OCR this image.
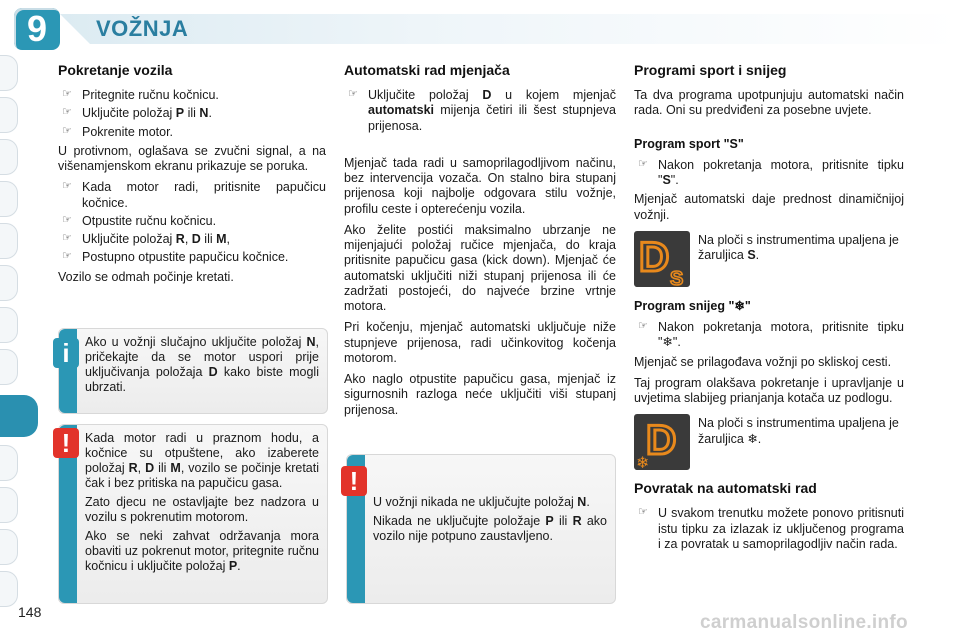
9	VOŽNJA
Pokretanje vozila
☞ Pritegnite ručnu kočnicu.
☞ Uključite položaj P ili N.
☞ Pokrenite motor.

U protivnom, oglašava se zvučni signal, a na višenamjenskom ekranu prikazuje se poruka.

☞ Kada motor radi, pritisnite papučicu kočnice.
☞ Otpustite ručnu kočnicu.
☞ Uključite položaj R, D ili M,
☞ Postupno otpustite papučicu kočnice.

Vozilo se odmah počinje kretati.

Ako u vožnji slučajno uključite položaj N, pričekajte da se motor uspori prije uključivanja položaja D kako biste mogli ubrzati.

i

Kada motor radi u praznom hodu, a kočnice su otpuštene, ako izaberete položaj R, D ili M, vozilo se počinje kretati čak i bez pritiska na papučicu gasa.

Zato djecu ne ostavljajte bez nadzora u vozilu s pokrenutim motorom.

Ako se neki zahvat održavanja mora obaviti uz pokrenut motor, pritegnite ručnu kočnicu i uključite položaj P.

!
Automatski rad mjenjača
☞ Uključite položaj D u kojem mjenjač automatski mijenja četiri ili šest stupnjeva prijenosa.

Mjenjač tada radi u samoprilagodljivom načinu, bez intervencija vozača. On stalno bira stupanj prijenosa koji najbolje odgovara stilu vožnje, profilu ceste i opterećenju vozila.

Ako želite postići maksimalno ubrzanje ne mijenjajući položaj ručice mjenjača, do kraja pritisnite papučicu gasa (kick down). Mjenjač će automatski uključiti niži stupanj prijenosa ili će zadržati postojeći, do najveće brzine vrtnje motora.

Pri kočenju, mjenjač automatski uključuje niže stupnjeve prijenosa, radi učinkovitog kočenja motorom.

Ako naglo otpustite papučicu gasa, mjenjač iz sigurnosnih razloga neće uključiti viši stupanj prijenosa.

U vožnji nikada ne uključujte položaj N.

Nikada ne uključujte položaje P ili R ako vozilo nije potpuno zaustavljeno.

!
Programi sport i snijeg

Ta dva programa upotpunjuju automatski način rada. Oni su predviđeni za posebne uvjete.

Program sport "S"
☞ Nakon pokretanja motora, pritisnite tipku "S".

Mjenjač automatski daje prednost dinamičnijoj vožnji.

D S
Na ploči s instrumentima upaljena je žaruljica S.
Program snijeg "❄"
☞ Nakon pokretanja motora, pritisnite tipku "❄".

Mjenjač se prilagođava vožnji po skliskoj cesti.

Taj program olakšava pokretanje i upravljanje u uvjetima slabijeg prianjanja kotača uz podlogu.

D
❄
Na ploči s instrumentima upaljena je žaruljica ❄.
Povratak na automatski rad
☞ U svakom trenutku možete ponovo pritisnuti istu tipku za izlazak iz uključenog programa i za povratak u samoprilagodljiv način rada.
148	carmanualsonline.info
